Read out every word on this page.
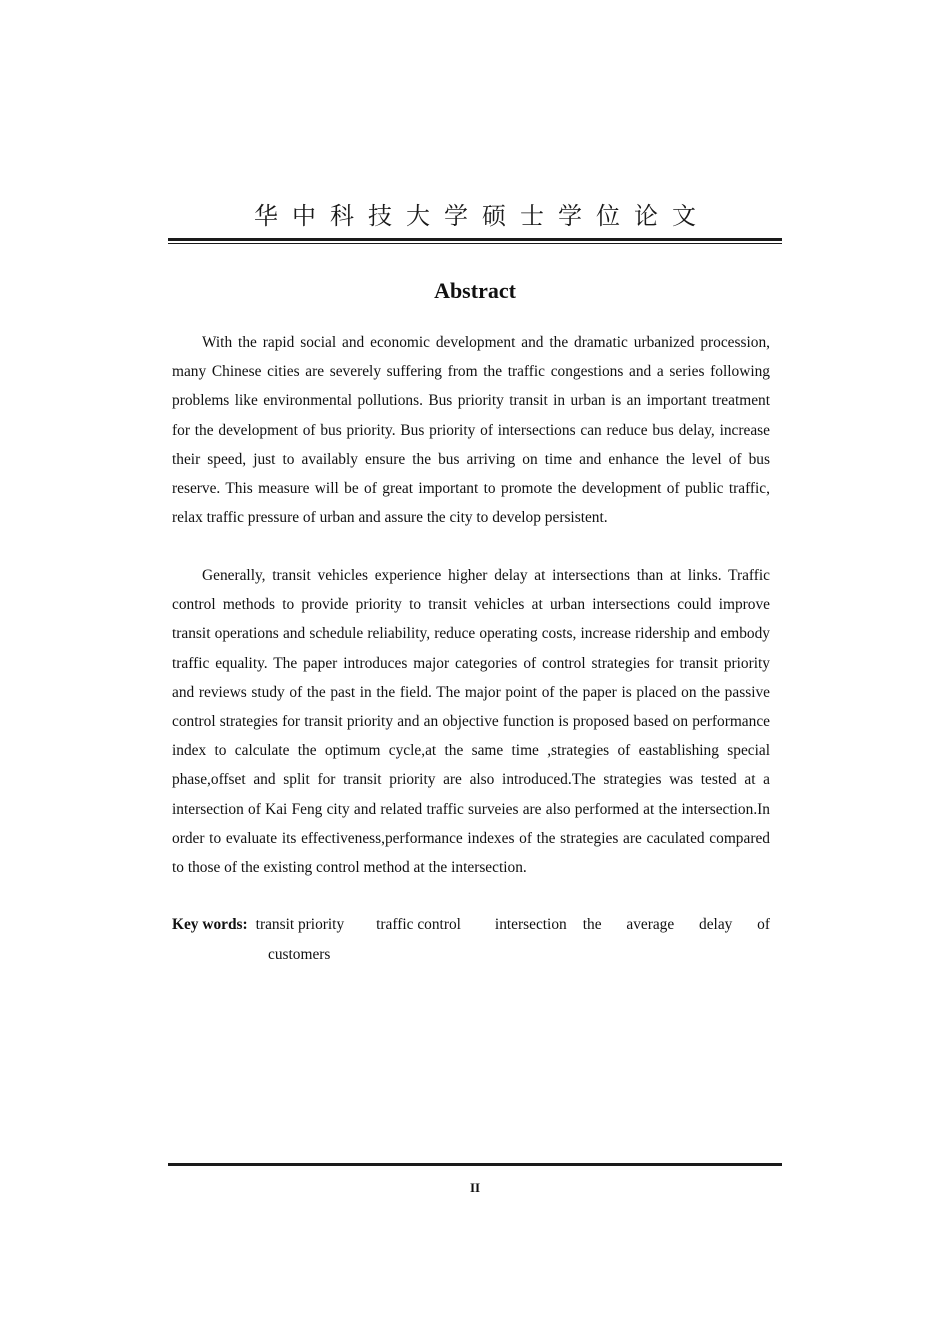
华中科技大学硕士学位论文
Abstract

With the rapid social and economic development and the dramatic urbanized procession, many Chinese cities are severely suffering from the traffic congestions and a series following problems like environmental pollutions. Bus priority transit in urban is an important treatment for the development of bus priority. Bus priority of intersections can reduce bus delay, increase their speed, just to availably ensure the bus arriving on time and enhance the level of bus reserve. This measure will be of great important to promote the development of public traffic, relax traffic pressure of urban and assure the city to develop persistent.

Generally, transit vehicles experience higher delay at intersections than at links. Traffic control methods to provide priority to transit vehicles at urban intersections could improve transit operations and schedule reliability, reduce operating costs, increase ridership and embody traffic equality. The paper introduces major categories of control strategies for transit priority and reviews study of the past in the field. The major point of the paper is placed on the passive control strategies for transit priority and an objective function is proposed based on performance index to calculate the optimum cycle,at the same time ,strategies of eastablishing special phase,offset and split for transit priority are also introduced.The strategies was tested at a intersection of Kai Feng city and related traffic surveies are also performed at the intersection.In order to evaluate its effectiveness,performance indexes of the strategies are caculated compared to those of the existing control method at the intersection.

Key words: transit priority traffic control intersection the average delay of
customers
II
